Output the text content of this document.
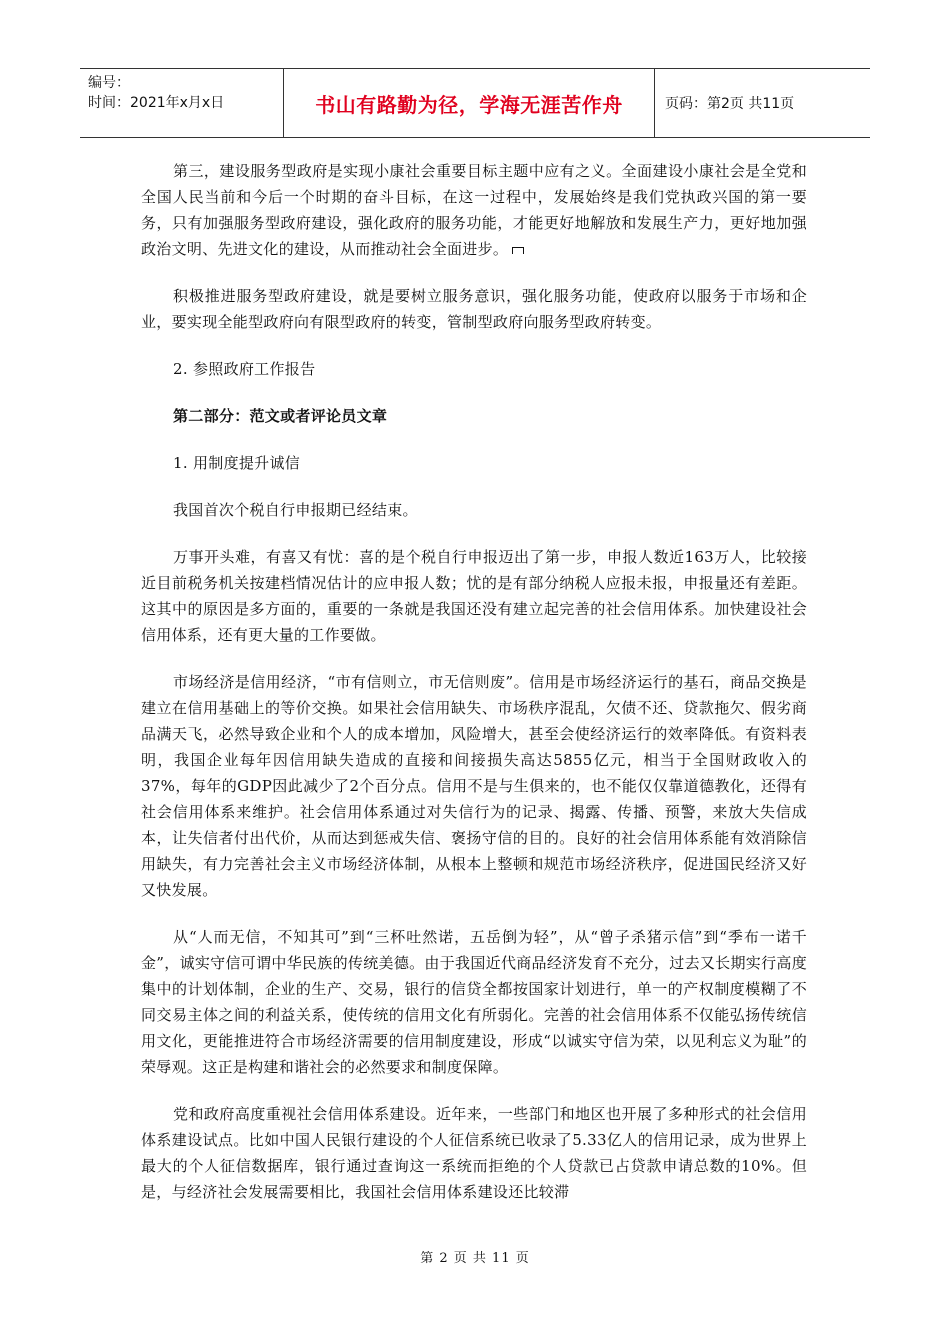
编号：
时间：2021年x月x日	书山有路勤为径，学海无涯苦作舟	页码：第2页 共11页

第三，建设服务型政府是实现小康社会重要目标主题中应有之义。全面建设小康社会是全党和全国人民当前和今后一个时期的奋斗目标，在这一过程中，发展始终是我们党执政兴国的第一要务，只有加强服务型政府建设，强化政府的服务功能，才能更好地解放和发展生产力，更好地加强政治文明、先进文化的建设，从而推动社会全面进步。

积极推进服务型政府建设，就是要树立服务意识，强化服务功能，使政府以服务于市场和企业，要实现全能型政府向有限型政府的转变，管制型政府向服务型政府转变。

2. 参照政府工作报告

第二部分：范文或者评论员文章

1. 用制度提升诚信

我国首次个税自行申报期已经结束。

万事开头难，有喜又有忧：喜的是个税自行申报迈出了第一步，申报人数近163万人，比较接近目前税务机关按建档情况估计的应申报人数；忧的是有部分纳税人应报未报，申报量还有差距。这其中的原因是多方面的，重要的一条就是我国还没有建立起完善的社会信用体系。加快建设社会信用体系，还有更大量的工作要做。

市场经济是信用经济，“市有信则立，市无信则废”。信用是市场经济运行的基石，商品交换是建立在信用基础上的等价交换。如果社会信用缺失、市场秩序混乱，欠债不还、贷款拖欠、假劣商品满天飞，必然导致企业和个人的成本增加，风险增大，甚至会使经济运行的效率降低。有资料表明，我国企业每年因信用缺失造成的直接和间接损失高达5855亿元，相当于全国财政收入的37%，每年的GDP因此减少了2个百分点。信用不是与生俱来的，也不能仅仅靠道德教化，还得有社会信用体系来维护。社会信用体系通过对失信行为的记录、揭露、传播、预警，来放大失信成本，让失信者付出代价，从而达到惩戒失信、褒扬守信的目的。良好的社会信用体系能有效消除信用缺失，有力完善社会主义市场经济体制，从根本上整顿和规范市场经济秩序，促进国民经济又好又快发展。

从“人而无信，不知其可”到“三杯吐然诺，五岳倒为轻”，从“曾子杀猪示信”到“季布一诺千金”，诚实守信可谓中华民族的传统美德。由于我国近代商品经济发育不充分，过去又长期实行高度集中的计划体制，企业的生产、交易，银行的信贷全都按国家计划进行，单一的产权制度模糊了不同交易主体之间的利益关系，使传统的信用文化有所弱化。完善的社会信用体系不仅能弘扬传统信用文化，更能推进符合市场经济需要的信用制度建设，形成“以诚实守信为荣，以见利忘义为耻”的荣辱观。这正是构建和谐社会的必然要求和制度保障。

党和政府高度重视社会信用体系建设。近年来，一些部门和地区也开展了多种形式的社会信用体系建设试点。比如中国人民银行建设的个人征信系统已收录了5.33亿人的信用记录，成为世界上最大的个人征信数据库，银行通过查询这一系统而拒绝的个人贷款已占贷款申请总数的10%。但是，与经济社会发展需要相比，我国社会信用体系建设还比较滞

第 2 页 共 11 页
